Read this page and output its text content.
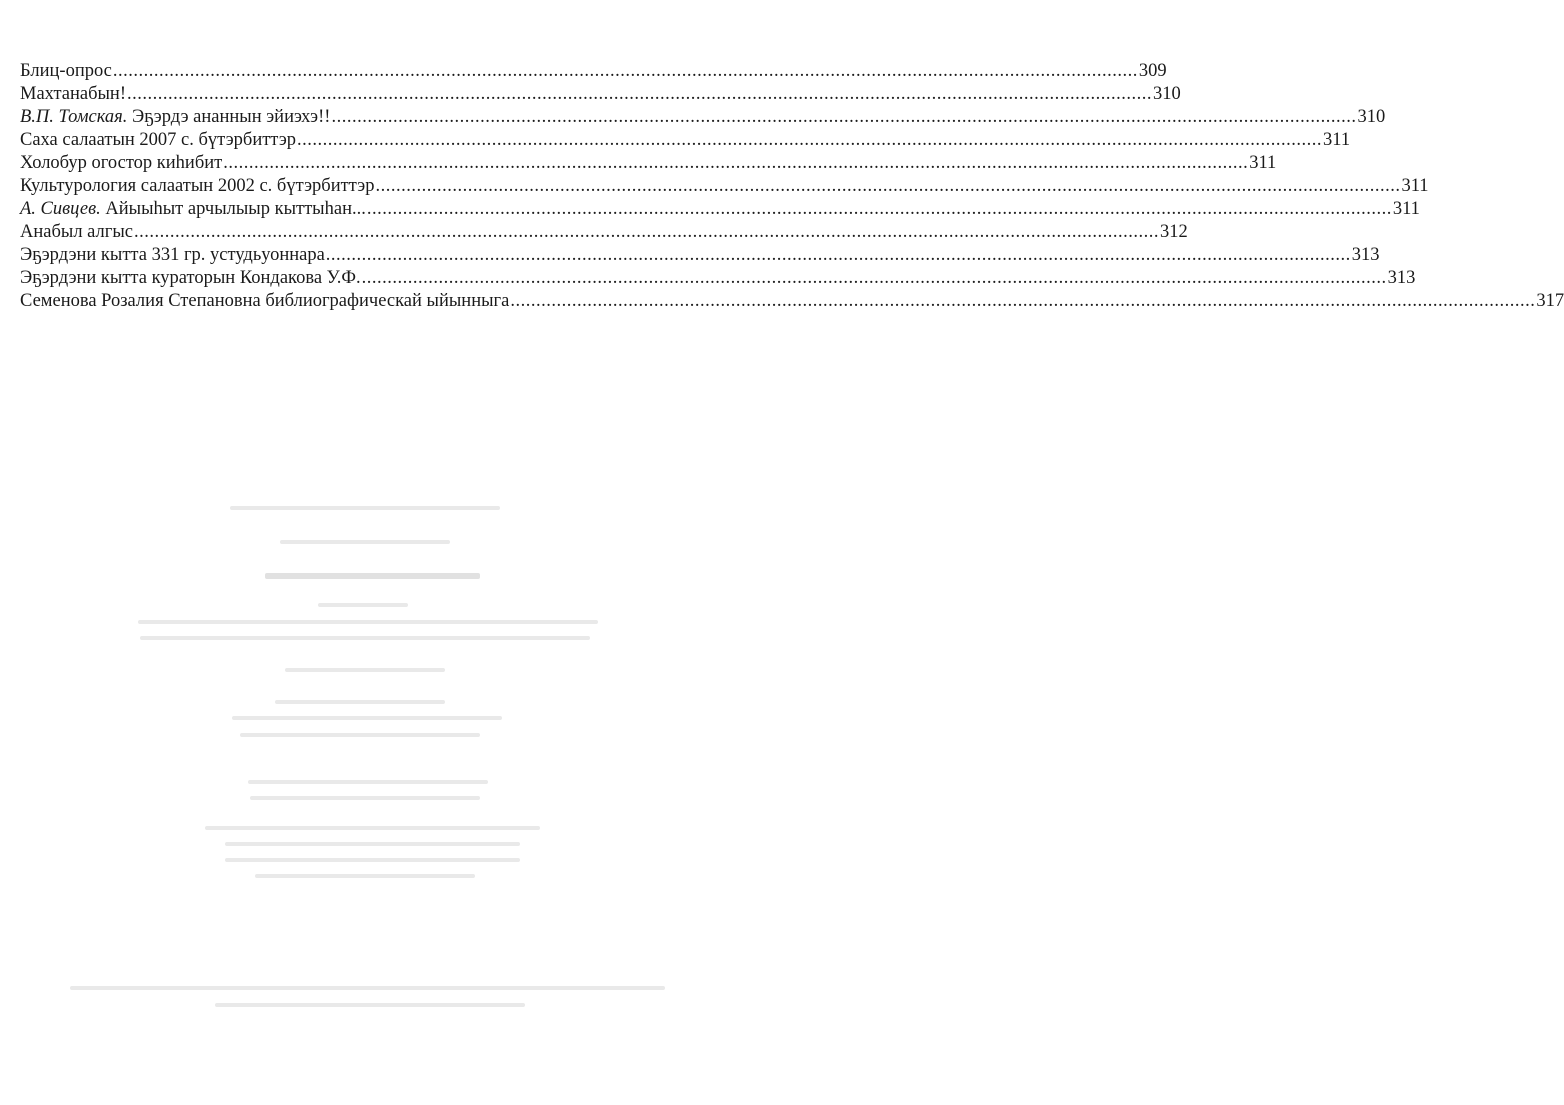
Блиц-опрос .....	309
Махтанабын! .....	310
В.П. Томская. Эҕэрдэ ананнын эйиэхэ!! .....	310
Саха салаатын 2007 с. бүтэрбиттэр .....	311
Холобур огостор киһибит .....	311
Культурология салаатын 2002 с. бүтэрбиттэр .....	311
А. Сивцев. Айыыһыт арчылыыр кыттыһан... .....	311
Анабыл алгыс .....	312
Эҕэрдэни кытта 331 гр. устудьуоннара .....	313
Эҕэрдэни кытта кураторын Кондакова У.Ф. .....	313
Семенова Розалия Степановна библиографическай ыйынныга .....	317
